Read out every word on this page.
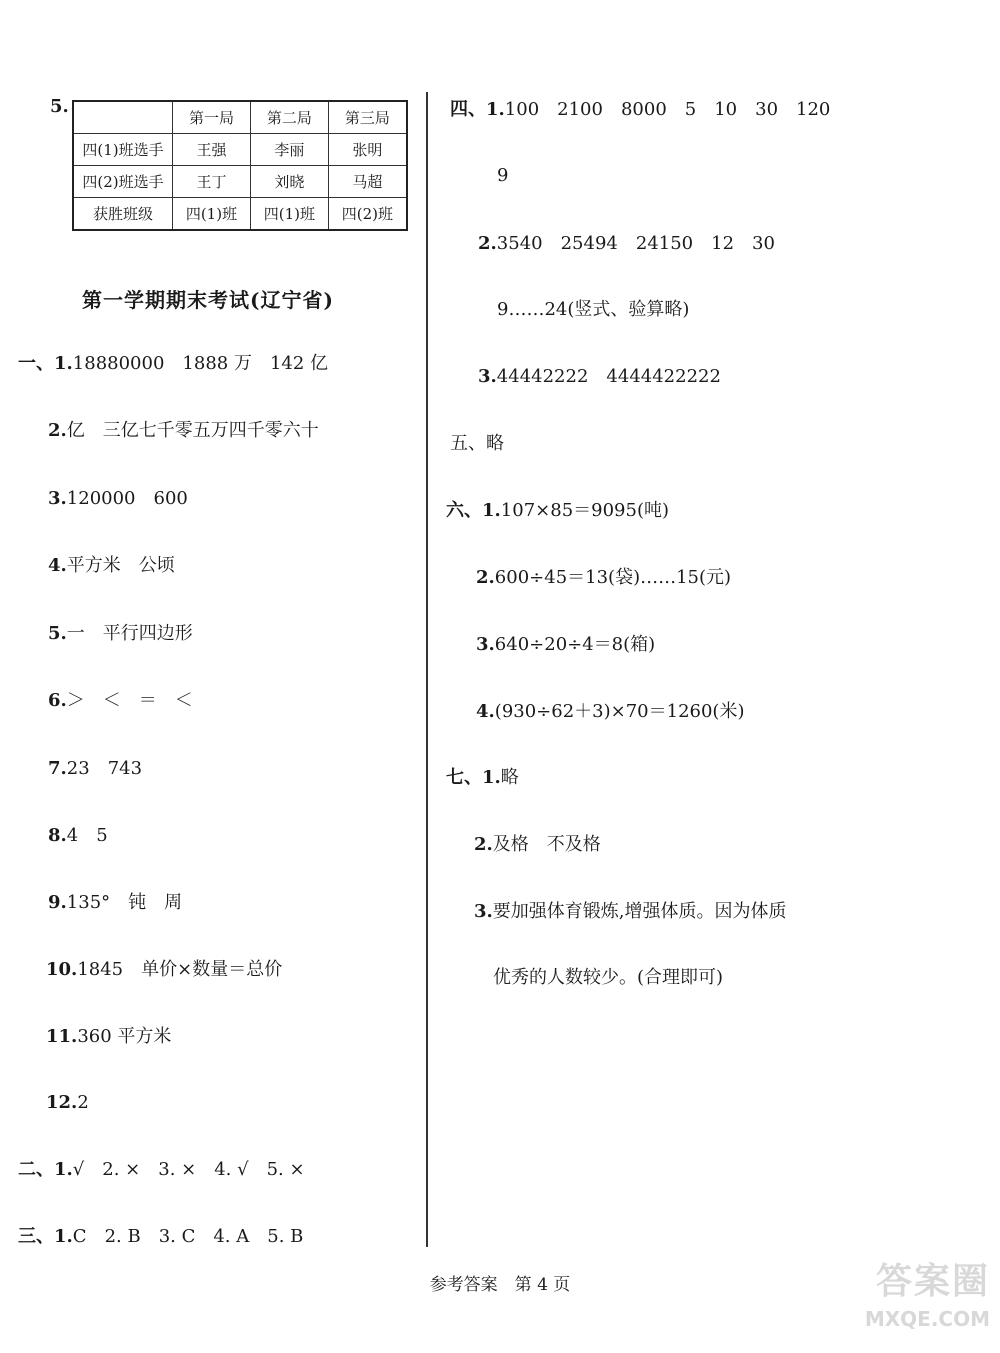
5.
	第一局	第二局	第三局
四(1)班选手	王强	李丽	张明
四(2)班选手	王丁	刘晓	马超
获胜班级	四(1)班	四(1)班	四(2)班
第一学期期末考试(辽宁省)
一、1.18880000　1888 万　142 亿
2.亿　三亿七千零五万四千零六十
3.120000　600
4.平方米　公顷
5.一　平行四边形
6.＞　＜　＝　＜
7.23　743
8.4　5
9.135°　钝　周
10.1845　单价×数量＝总价
11.360 平方米
12.2
二、1.√　2. ×　3. ×　4. √　5. ×
三、1.C　2. B　3. C　4. A　5. B
四、1.100　2100　8000　5　10　30　120
9
2.3540　25494　24150　12　30
9……24(竖式、验算略)
3.44442222　4444422222
五、略
六、1.107×85＝9095(吨)
2.600÷45＝13(袋)……15(元)
3.640÷20÷4＝8(箱)
4.(930÷62＋3)×70＝1260(米)
七、1.略
2.及格　不及格
3.要加强体育锻炼,增强体质。因为体质
优秀的人数较少。(合理即可)
参考答案　第 4 页	答案圈
MXQE.COM
